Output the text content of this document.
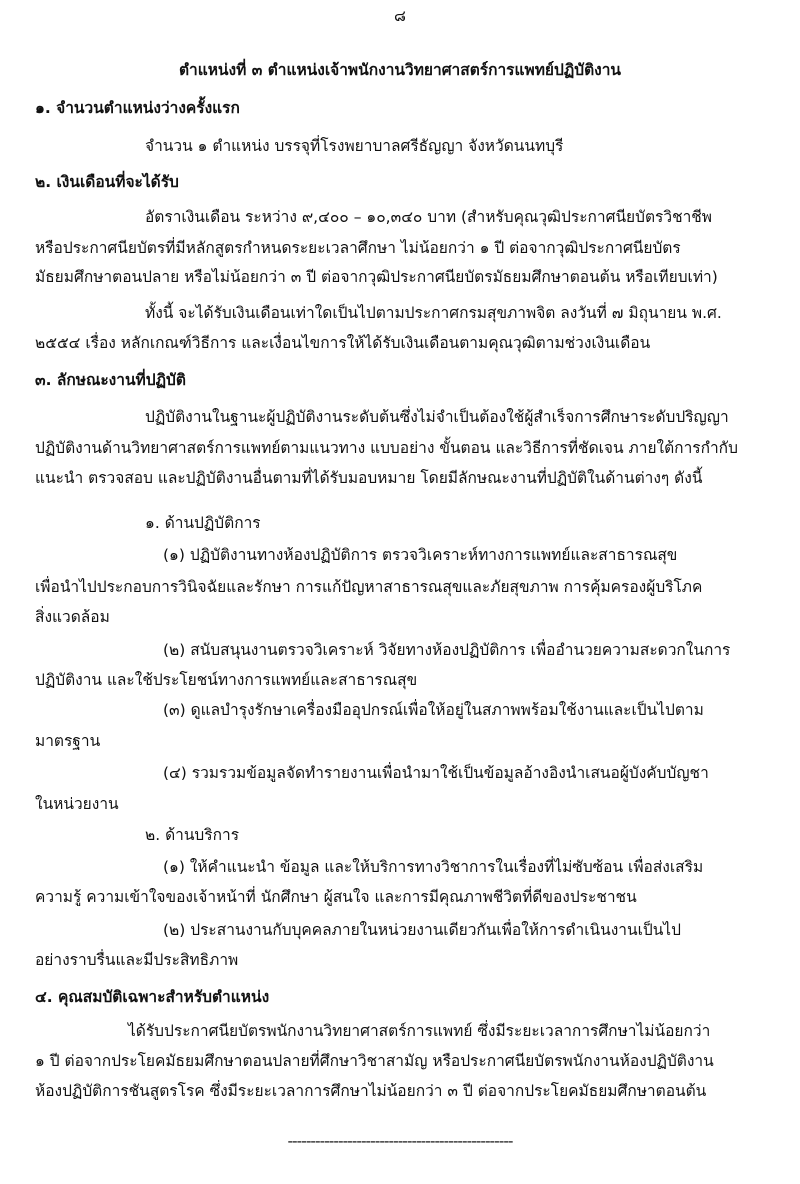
๘
ตำแหน่งที่ ๓ ตำแหน่งเจ้าพนักงานวิทยาศาสตร์การแพทย์ปฏิบัติงาน
๑. จำนวนตำแหน่งว่างครั้งแรก
จำนวน ๑ ตำแหน่ง บรรจุที่โรงพยาบาลศรีธัญญา จังหวัดนนทบุรี
๒. เงินเดือนที่จะได้รับ
อัตราเงินเดือน ระหว่าง ๙,๔๐๐ – ๑๐,๓๔๐ บาท (สำหรับคุณวุฒิประกาศนียบัตรวิชาชีพ
หรือประกาศนียบัตรที่มีหลักสูตรกำหนดระยะเวลาศึกษา ไม่น้อยกว่า ๑ ปี ต่อจากวุฒิประกาศนียบัตร
มัธยมศึกษาตอนปลาย หรือไม่น้อยกว่า ๓ ปี ต่อจากวุฒิประกาศนียบัตรมัธยมศึกษาตอนต้น หรือเทียบเท่า)
ทั้งนี้ จะได้รับเงินเดือนเท่าใดเป็นไปตามประกาศกรมสุขภาพจิต ลงวันที่ ๗ มิถุนายน พ.ศ.
๒๕๕๔ เรื่อง หลักเกณฑ์วิธีการ และเงื่อนไขการให้ได้รับเงินเดือนตามคุณวุฒิตามช่วงเงินเดือน
๓. ลักษณะงานที่ปฏิบัติ
ปฏิบัติงานในฐานะผู้ปฏิบัติงานระดับต้นซึ่งไม่จำเป็นต้องใช้ผู้สำเร็จการศึกษาระดับปริญญา
ปฏิบัติงานด้านวิทยาศาสตร์การแพทย์ตามแนวทาง แบบอย่าง ขั้นตอน และวิธีการที่ชัดเจน ภายใต้การกำกับ
แนะนำ ตรวจสอบ และปฏิบัติงานอื่นตามที่ได้รับมอบหมาย โดยมีลักษณะงานที่ปฏิบัติในด้านต่างๆ ดังนี้
๑. ด้านปฏิบัติการ
(๑) ปฏิบัติงานทางห้องปฏิบัติการ ตรวจวิเคราะห์ทางการแพทย์และสาธารณสุข
เพื่อนำไปประกอบการวินิจฉัยและรักษา การแก้ปัญหาสาธารณสุขและภัยสุขภาพ การคุ้มครองผู้บริโภค
สิ่งแวดล้อม
(๒) สนับสนุนงานตรวจวิเคราะห์ วิจัยทางห้องปฏิบัติการ เพื่ออำนวยความสะดวกในการ
ปฏิบัติงาน และใช้ประโยชน์ทางการแพทย์และสาธารณสุข
(๓) ดูแลบำรุงรักษาเครื่องมืออุปกรณ์เพื่อให้อยู่ในสภาพพร้อมใช้งานและเป็นไปตาม
มาตรฐาน
(๔) รวมรวมข้อมูลจัดทำรายงานเพื่อนำมาใช้เป็นข้อมูลอ้างอิงนำเสนอผู้บังคับบัญชา
ในหน่วยงาน
๒. ด้านบริการ
(๑) ให้คำแนะนำ ข้อมูล และให้บริการทางวิชาการในเรื่องที่ไม่ซับซ้อน เพื่อส่งเสริม
ความรู้ ความเข้าใจของเจ้าหน้าที่ นักศึกษา ผู้สนใจ และการมีคุณภาพชีวิตที่ดีของประชาชน
(๒) ประสานงานกับบุคคลภายในหน่วยงานเดียวกันเพื่อให้การดำเนินงานเป็นไป
อย่างราบรื่นและมีประสิทธิภาพ
๔. คุณสมบัติเฉพาะสำหรับตำแหน่ง
ได้รับประกาศนียบัตรพนักงานวิทยาศาสตร์การแพทย์ ซึ่งมีระยะเวลาการศึกษาไม่น้อยกว่า
๑ ปี ต่อจากประโยคมัธยมศึกษาตอนปลายที่ศึกษาวิชาสามัญ หรือประกาศนียบัตรพนักงานห้องปฏิบัติงาน
ห้องปฏิบัติการชันสูตรโรค ซึ่งมีระยะเวลาการศึกษาไม่น้อยกว่า ๓ ปี ต่อจากประโยคมัธยมศึกษาตอนต้น
-------------------------------------------------
